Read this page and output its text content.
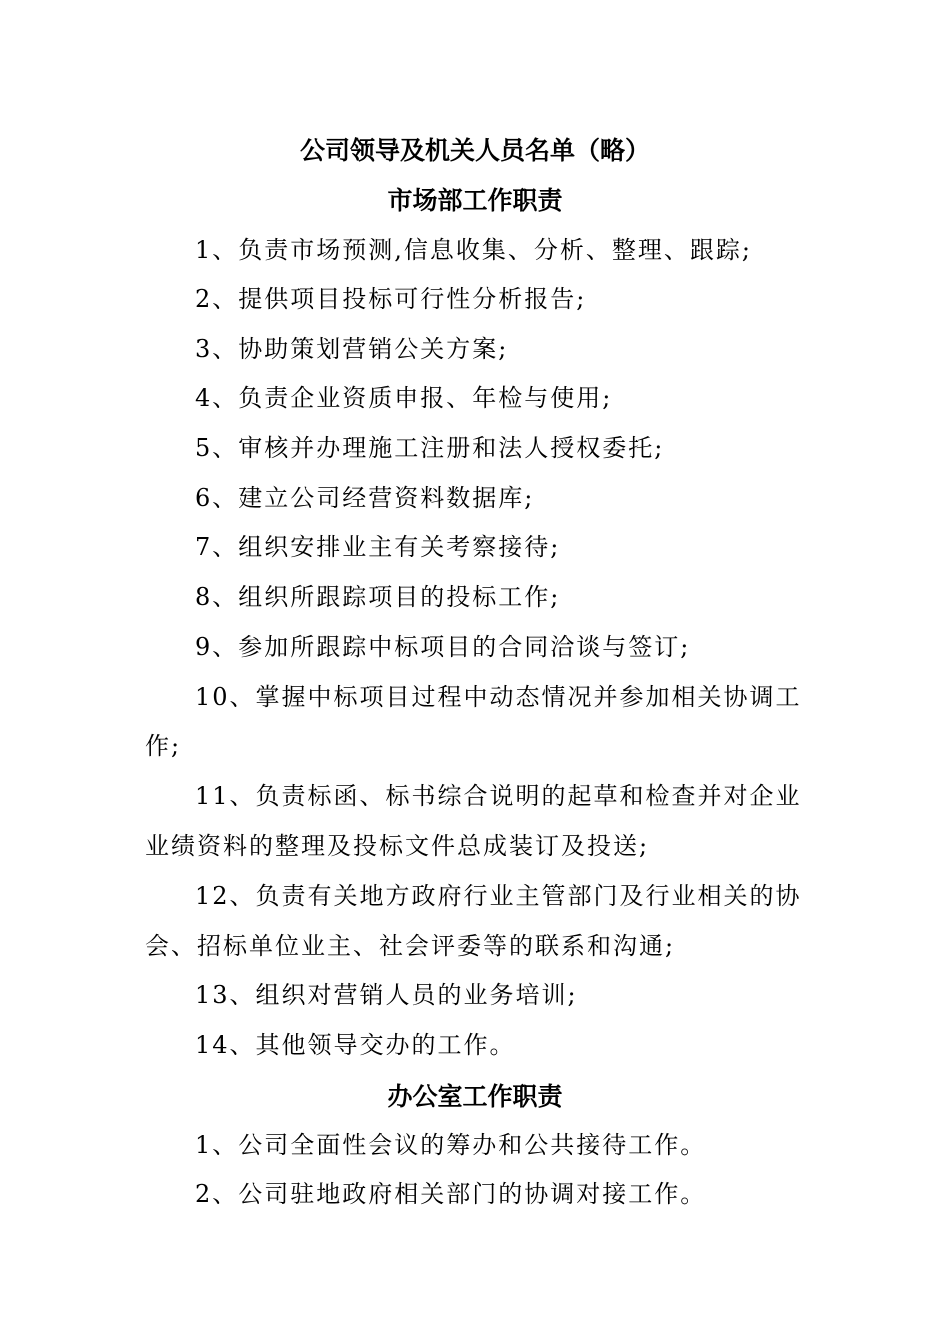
公司领导及机关人员名单（略）
市场部工作职责
1、负责市场预测,信息收集、分析、整理、跟踪;
2、提供项目投标可行性分析报告;
3、协助策划营销公关方案;
4、负责企业资质申报、年检与使用;
5、审核并办理施工注册和法人授权委托;
6、建立公司经营资料数据库;
7、组织安排业主有关考察接待;
8、组织所跟踪项目的投标工作;
9、参加所跟踪中标项目的合同洽谈与签订;
10、掌握中标项目过程中动态情况并参加相关协调工
作;
11、负责标函、标书综合说明的起草和检查并对企业
业绩资料的整理及投标文件总成装订及投送;
12、负责有关地方政府行业主管部门及行业相关的协
会、招标单位业主、社会评委等的联系和沟通;
13、组织对营销人员的业务培训;
14、其他领导交办的工作。
办公室工作职责
1、公司全面性会议的筹办和公共接待工作。
2、公司驻地政府相关部门的协调对接工作。
